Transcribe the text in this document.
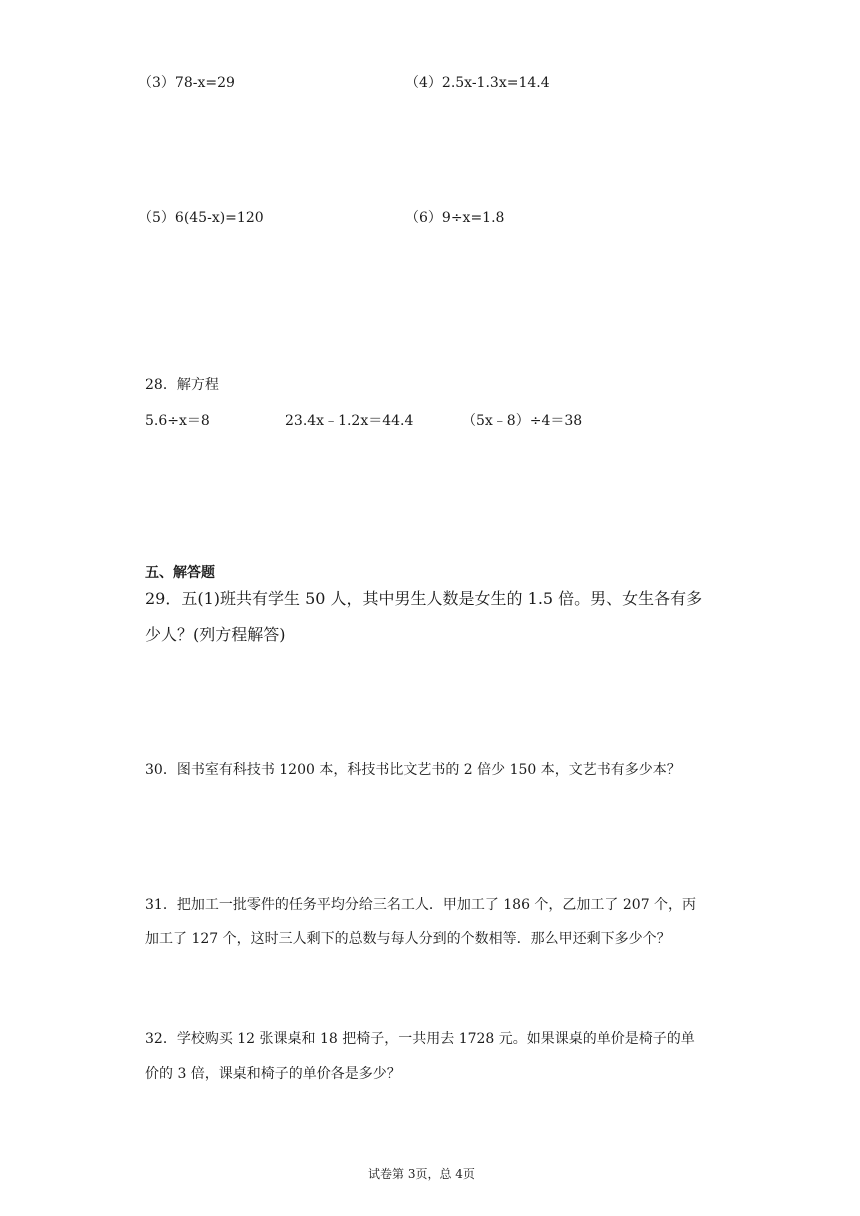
（3）78-x=29	（4）2.5x-1.3x=14.4
（5）6(45-x)=120	（6）9÷x=1.8
28．解方程
5.6÷x＝8	23.4x﹣1.2x＝44.4	（5x﹣8）÷4＝38
五、解答题
29．五(1)班共有学生 50 人，其中男生人数是女生的 1.5 倍。男、女生各有多
少人？(列方程解答)
30．图书室有科技书 1200 本，科技书比文艺书的 2 倍少 150 本，文艺书有多少本？
31．把加工一批零件的任务平均分给三名工人．甲加工了 186 个，乙加工了 207 个，丙
加工了 127 个，这时三人剩下的总数与每人分到的个数相等．那么甲还剩下多少个？
32．学校购买 12 张课桌和 18 把椅子，一共用去 1728 元。如果课桌的单价是椅子的单
价的 3 倍，课桌和椅子的单价各是多少？
试卷第 3页，总 4页
